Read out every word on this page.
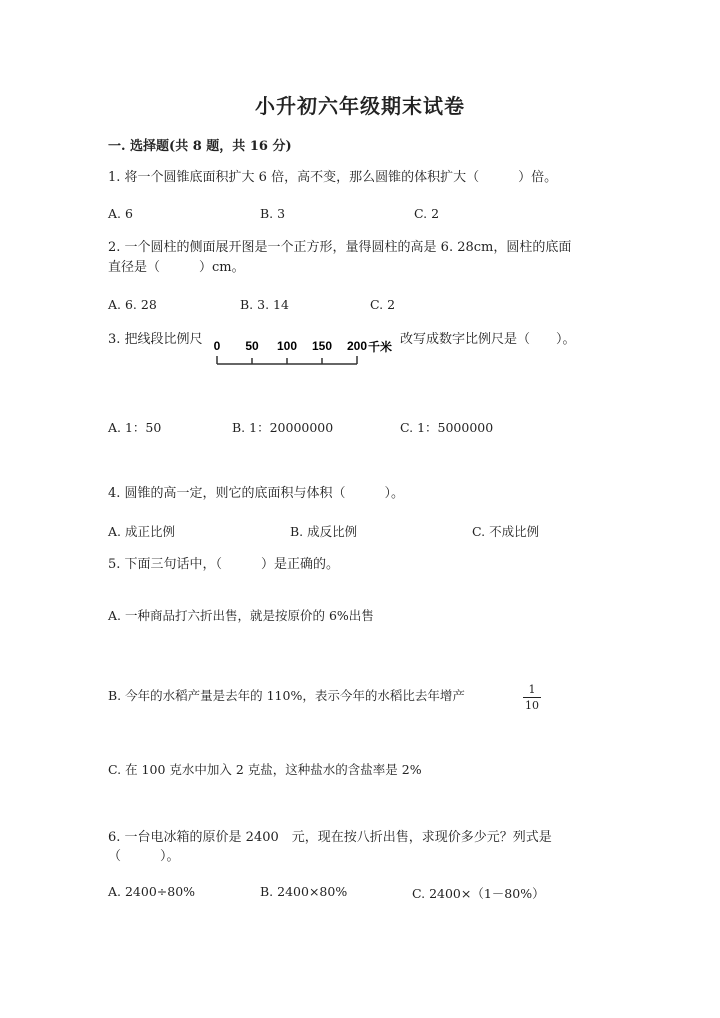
小升初六年级期末试卷
一. 选择题(共 8 题，共 16 分)
1. 将一个圆锥底面积扩大 6 倍，高不变，那么圆锥的体积扩大（　　　）倍。
A. 6	B. 3	C. 2
2. 一个圆柱的侧面展开图是一个正方形，量得圆柱的高是 6. 28cm，圆柱的底面
直径是（　　　）cm。
A. 6. 28	B. 3. 14	C. 2
3. 把线段比例尺 0 50 100 150 200 千米 改写成数字比例尺是（　　）。
A. 1：50	B. 1：20000000	C. 1：5000000
4. 圆锥的高一定，则它的底面积与体积（　　　）。
A. 成正比例	B. 成反比例	C. 不成比例
5. 下面三句话中，（　　　）是正确的。
A. 一种商品打六折出售，就是按原价的 6%出售
B. 今年的水稻产量是去年的 110%，表示今年的水稻比去年增产	1
10
C. 在 100 克水中加入 2 克盐，这种盐水的含盐率是 2%
6. 一台电冰箱的原价是 2400　元，现在按八折出售，求现价多少元？列式是
（　　　）。
A. 2400÷80%	B. 2400×80%	C. 2400×（1－80%）
